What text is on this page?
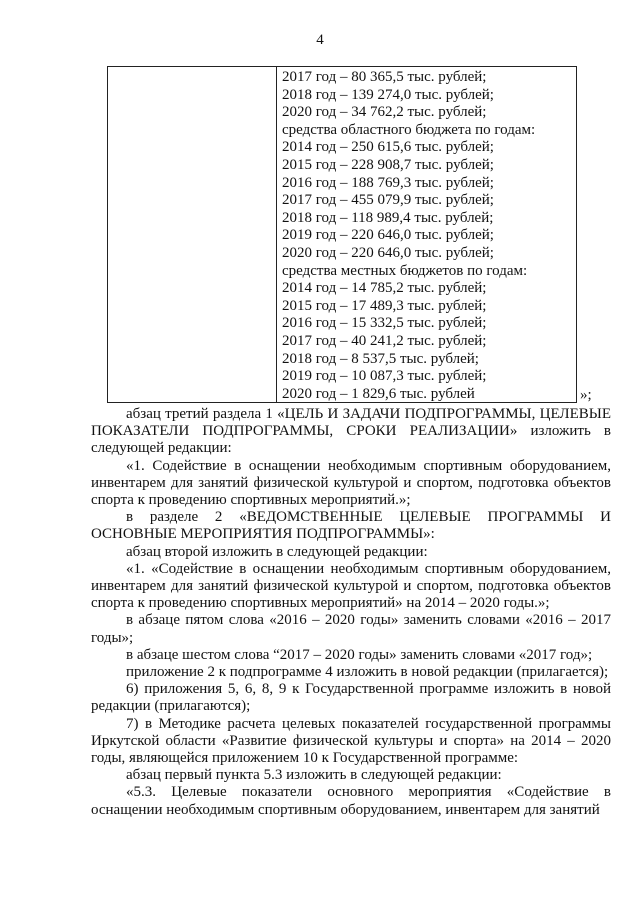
4
2017 год – 80 365,5 тыс. рублей;
2018 год – 139 274,0 тыс. рублей;
2020 год – 34 762,2 тыс. рублей;
средства областного бюджета по годам:
2014 год – 250 615,6 тыс. рублей;
2015 год – 228 908,7 тыс. рублей;
2016 год – 188 769,3 тыс. рублей;
2017 год – 455 079,9 тыс. рублей;
2018 год – 118 989,4 тыс. рублей;
2019 год – 220 646,0 тыс. рублей;
2020 год – 220 646,0 тыс. рублей;
средства местных бюджетов по годам:
2014 год – 14 785,2 тыс. рублей;
2015 год – 17 489,3 тыс. рублей;
2016 год – 15 332,5 тыс. рублей;
2017 год – 40 241,2 тыс. рублей;
2018 год – 8 537,5 тыс. рублей;
2019 год – 10 087,3 тыс. рублей;
2020 год – 1 829,6 тыс. рублей	»;

абзац третий раздела 1 «ЦЕЛЬ И ЗАДАЧИ ПОДПРОГРАММЫ, ЦЕЛЕВЫЕ ПОКАЗАТЕЛИ ПОДПРОГРАММЫ, СРОКИ РЕАЛИЗАЦИИ» изложить в следующей редакции:

«1. Содействие в оснащении необходимым спортивным оборудованием, инвентарем для занятий физической культурой и спортом, подготовка объектов спорта к проведению спортивных мероприятий.»;

в разделе 2 «ВЕДОМСТВЕННЫЕ ЦЕЛЕВЫЕ ПРОГРАММЫ И ОСНОВНЫЕ МЕРОПРИЯТИЯ ПОДПРОГРАММЫ»:

абзац второй изложить в следующей редакции:

«1. «Содействие в оснащении необходимым спортивным оборудованием, инвентарем для занятий физической культурой и спортом, подготовка объектов спорта к проведению спортивных мероприятий» на 2014 – 2020 годы.»;

в абзаце пятом слова «2016 – 2020 годы» заменить словами «2016 – 2017 годы»;

в абзаце шестом слова “2017 – 2020 годы» заменить словами «2017 год»;

приложение 2 к подпрограмме 4 изложить в новой редакции (прилагается);

6) приложения 5, 6, 8, 9 к Государственной программе изложить в новой редакции (прилагаются);

7) в Методике расчета целевых показателей государственной программы Иркутской области «Развитие физической культуры и спорта» на 2014 – 2020 годы, являющейся приложением 10 к Государственной программе:

абзац первый пункта 5.3 изложить в следующей редакции:

«5.3. Целевые показатели основного мероприятия «Содействие в оснащении необходимым спортивным оборудованием, инвентарем для занятий
